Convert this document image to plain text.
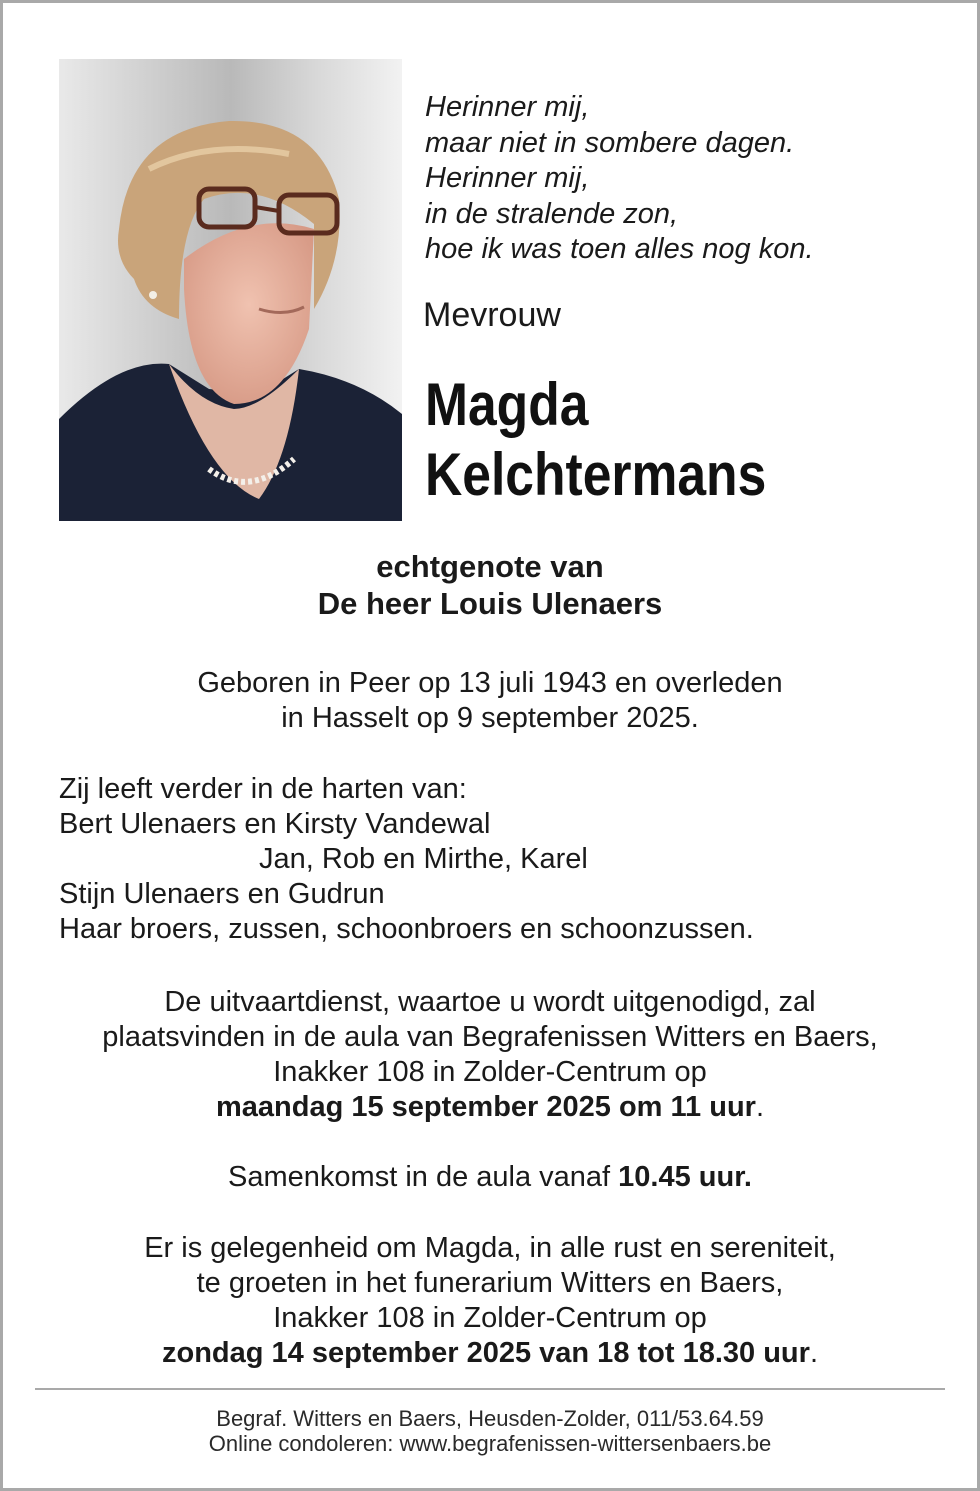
Herinner mij,
maar niet in sombere dagen.
Herinner mij,
in de stralende zon,
hoe ik was toen alles nog kon.
Mevrouw
Magda
Kelchtermans
echtgenote van
De heer Louis Ulenaers
Geboren in Peer op 13 juli 1943 en overleden
in Hasselt op 9 september 2025.
Zij leeft verder in de harten van:
Bert Ulenaers en Kirsty Vandewal
Jan, Rob en Mirthe, Karel
Stijn Ulenaers en Gudrun
Haar broers, zussen, schoonbroers en schoonzussen.
De uitvaartdienst, waartoe u wordt uitgenodigd, zal
plaatsvinden in de aula van Begrafenissen Witters en Baers,
Inakker 108 in Zolder-Centrum op
maandag 15 september 2025 om 11 uur.
Samenkomst in de aula vanaf 10.45 uur.
Er is gelegenheid om Magda, in alle rust en sereniteit,
te groeten in het funerarium Witters en Baers,
Inakker 108 in Zolder-Centrum op
zondag 14 september 2025 van 18 tot 18.30 uur.
Begraf. Witters en Baers, Heusden-Zolder, 011/53.64.59
Online condoleren: www.begrafenissen-wittersenbaers.be
